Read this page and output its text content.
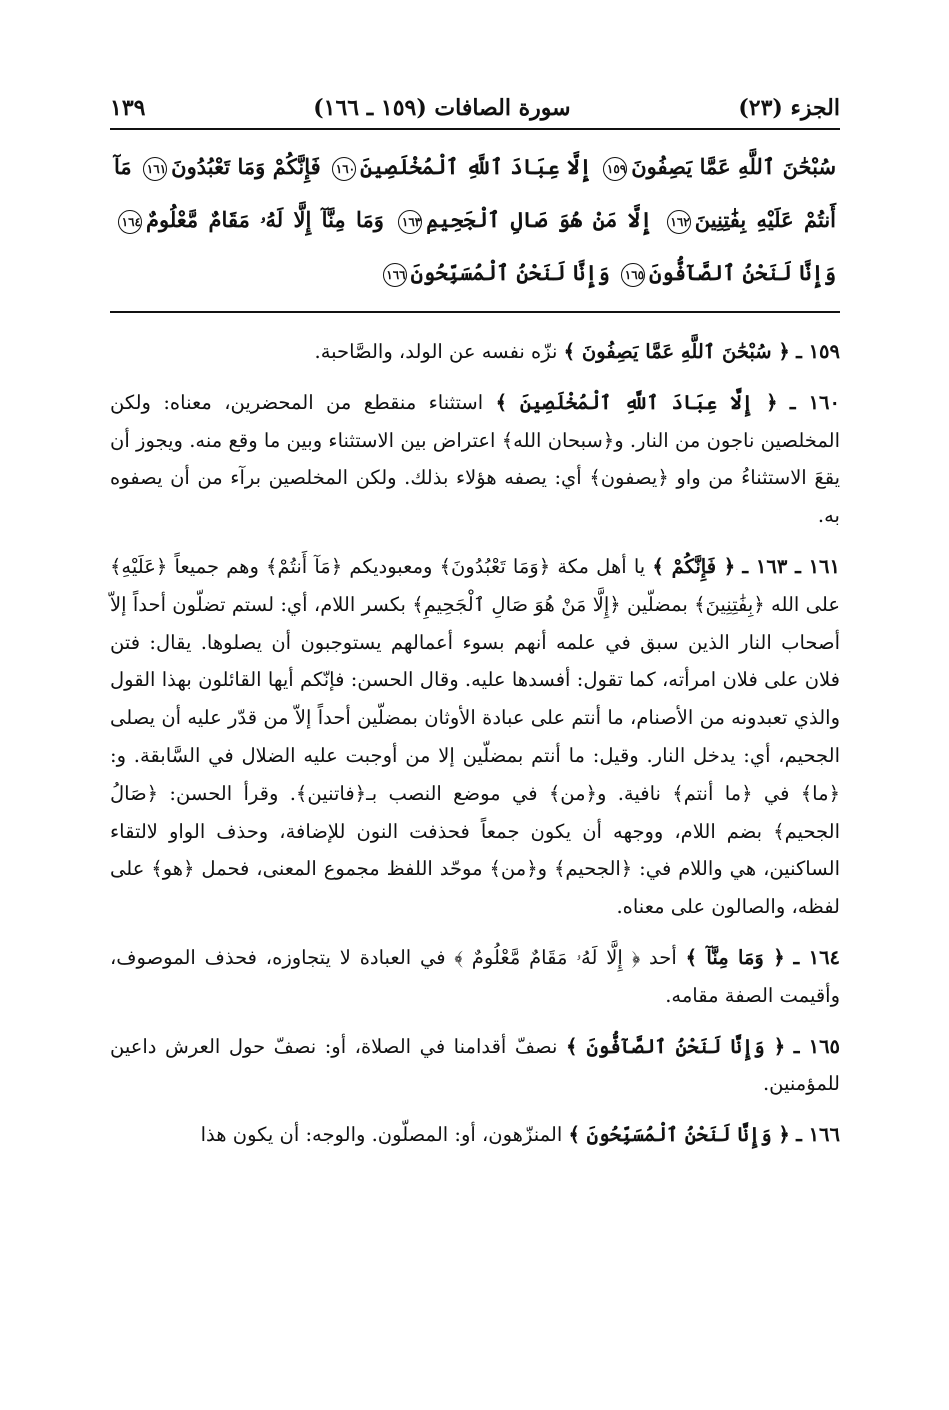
الجزء (٢٣)
سورة الصافات (١٥٩ ـ ١٦٦)
١٣٩
سُبْحَٰنَ ٱللَّهِ عَمَّا يَصِفُونَ١٥٩ إِلَّا عِبَادَ ٱللَّهِ ٱلْمُخْلَصِينَ١٦٠ فَإِنَّكُمْ وَمَا تَعْبُدُونَ١٦١ مَآ أَنتُمْ عَلَيْهِ بِفَٰتِنِينَ١٦٢ إِلَّا مَنْ هُوَ صَالِ ٱلْجَحِيمِ١٦٣ وَمَا مِنَّآ إِلَّا لَهُۥ مَقَامٌ مَّعْلُومٌ١٦٤ وَإِنَّا لَنَحْنُ ٱلصَّآفُّونَ١٦٥ وَإِنَّا لَنَحْنُ ٱلْمُسَبِّحُونَ١٦٦

١٥٩ ـ ﴿ سُبْحَٰنَ ٱللَّهِ عَمَّا يَصِفُونَ ﴾ نزّه نفسه عن الولد، والصَّاحبة.

١٦٠ ـ ﴿ إِلَّا عِبَادَ ٱللَّهِ ٱلْمُخْلَصِينَ ﴾ استثناء منقطع من المحضرين، معناه: ولكن المخلصين ناجون من النار. و﴿سبحان الله﴾ اعتراض بين الاستثناء وبين ما وقع منه. ويجوز أن يقعَ الاستثناءُ من واو ﴿يصفون﴾ أي: يصفه هؤلاء بذلك. ولكن المخلصين برآء من أن يصفوه به.

١٦١ ـ ١٦٣ ـ ﴿ فَإِنَّكُمْ ﴾ يا أهل مكة ﴿وَمَا تَعْبُدُونَ﴾ ومعبوديكم ﴿مَآ أَنتُمْ﴾ وهم جميعاً ﴿عَلَيْهِ﴾ على الله ﴿بِفَٰتِنِينَ﴾ بمضلّين ﴿إِلَّا مَنْ هُوَ صَالِ ٱلْجَحِيمِ﴾ بكسر اللام، أي: لستم تضلّون أحداً إلاّ أصحاب النار الذين سبق في علمه أنهم بسوء أعمالهم يستوجبون أن يصلوها. يقال: فتن فلان على فلان امرأته، كما تقول: أفسدها عليه. وقال الحسن: فإنّكم أيها القائلون بهذا القول والذي تعبدونه من الأصنام، ما أنتم على عبادة الأوثان بمضلّين أحداً إلاّ من قدّر عليه أن يصلى الجحيم، أي: يدخل النار. وقيل: ما أنتم بمضلّين إلا من أوجبت عليه الضلال في السَّابقة. و: ﴿ما﴾ في ﴿ما أنتم﴾ نافية. و﴿من﴾ في موضع النصب بـ﴿فاتنين﴾. وقرأ الحسن: ﴿صَالُ الجحيم﴾ بضم اللام، ووجهه أن يكون جمعاً فحذفت النون للإضافة، وحذف الواو لالتقاء الساكنين، هي واللام في: ﴿الجحيم﴾ و﴿من﴾ موحّد اللفظ مجموع المعنى، فحمل ﴿هو﴾ على لفظه، والصالون على معناه.

١٦٤ ـ ﴿ وَمَا مِنَّآ ﴾ أحد ﴿ إِلَّا لَهُۥ مَقَامٌ مَّعْلُومٌ ﴾ في العبادة لا يتجاوزه، فحذف الموصوف، وأقيمت الصفة مقامه.

١٦٥ ـ ﴿ وَإِنَّا لَنَحْنُ ٱلصَّآفُّونَ ﴾ نصفّ أقدامنا في الصلاة، أو: نصفّ حول العرش داعين للمؤمنين.

١٦٦ ـ ﴿ وَإِنَّا لَنَحْنُ ٱلْمُسَبِّحُونَ ﴾ المنزّهون، أو: المصلّون. والوجه: أن يكون هذا
